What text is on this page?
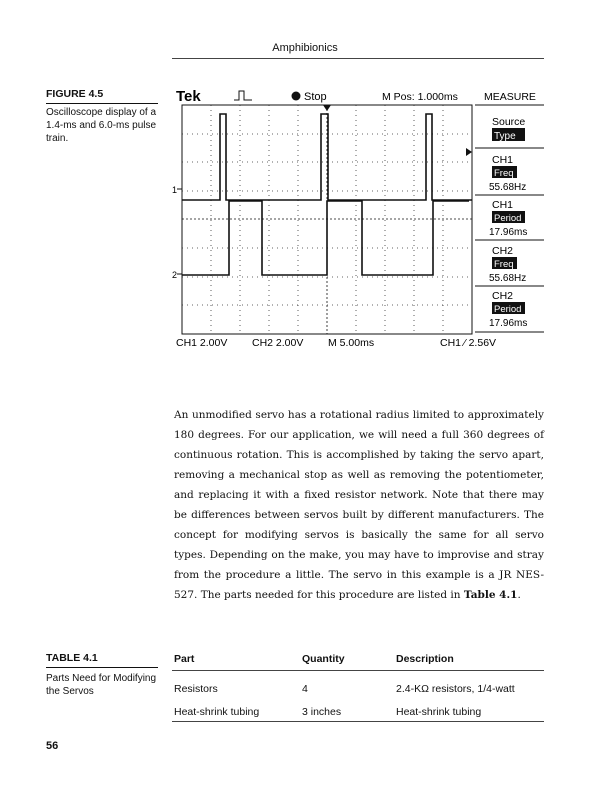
Amphibionics
FIGURE 4.5
Oscilloscope display of a 1.4-ms and 6.0-ms pulse train.
Tek	Stop	M Pos: 1.000ms MEASURE
1
2
Source
Type
CH1
Freq
55.68Hz
CH1
Period
17.96ms
CH2
Freq
55.68Hz
CH2
Period
17.96ms
CH1 2.00V CH2 2.00V M 5.00ms	CH1 ⁄ 2.56V
An unmodified servo has a rotational radius limited to approximately 180 degrees. For our application, we will need a full 360 degrees of continuous rotation. This is accomplished by taking the servo apart, removing a mechanical stop as well as removing the potentiometer, and replacing it with a fixed resistor network. Note that there may be differences between servos built by different manufacturers. The concept for modifying servos is basically the same for all servo types. Depending on the make, you may have to improvise and stray from the procedure a little. The servo in this example is a JR NES-527. The parts needed for this procedure are listed in Table 4.1.
TABLE 4.1
Parts Need for Modifying the Servos
Part	Quantity	Description
Resistors	4	2.4-KΩ resistors, 1/4-watt
Heat-shrink tubing	3 inches	Heat-shrink tubing
56
